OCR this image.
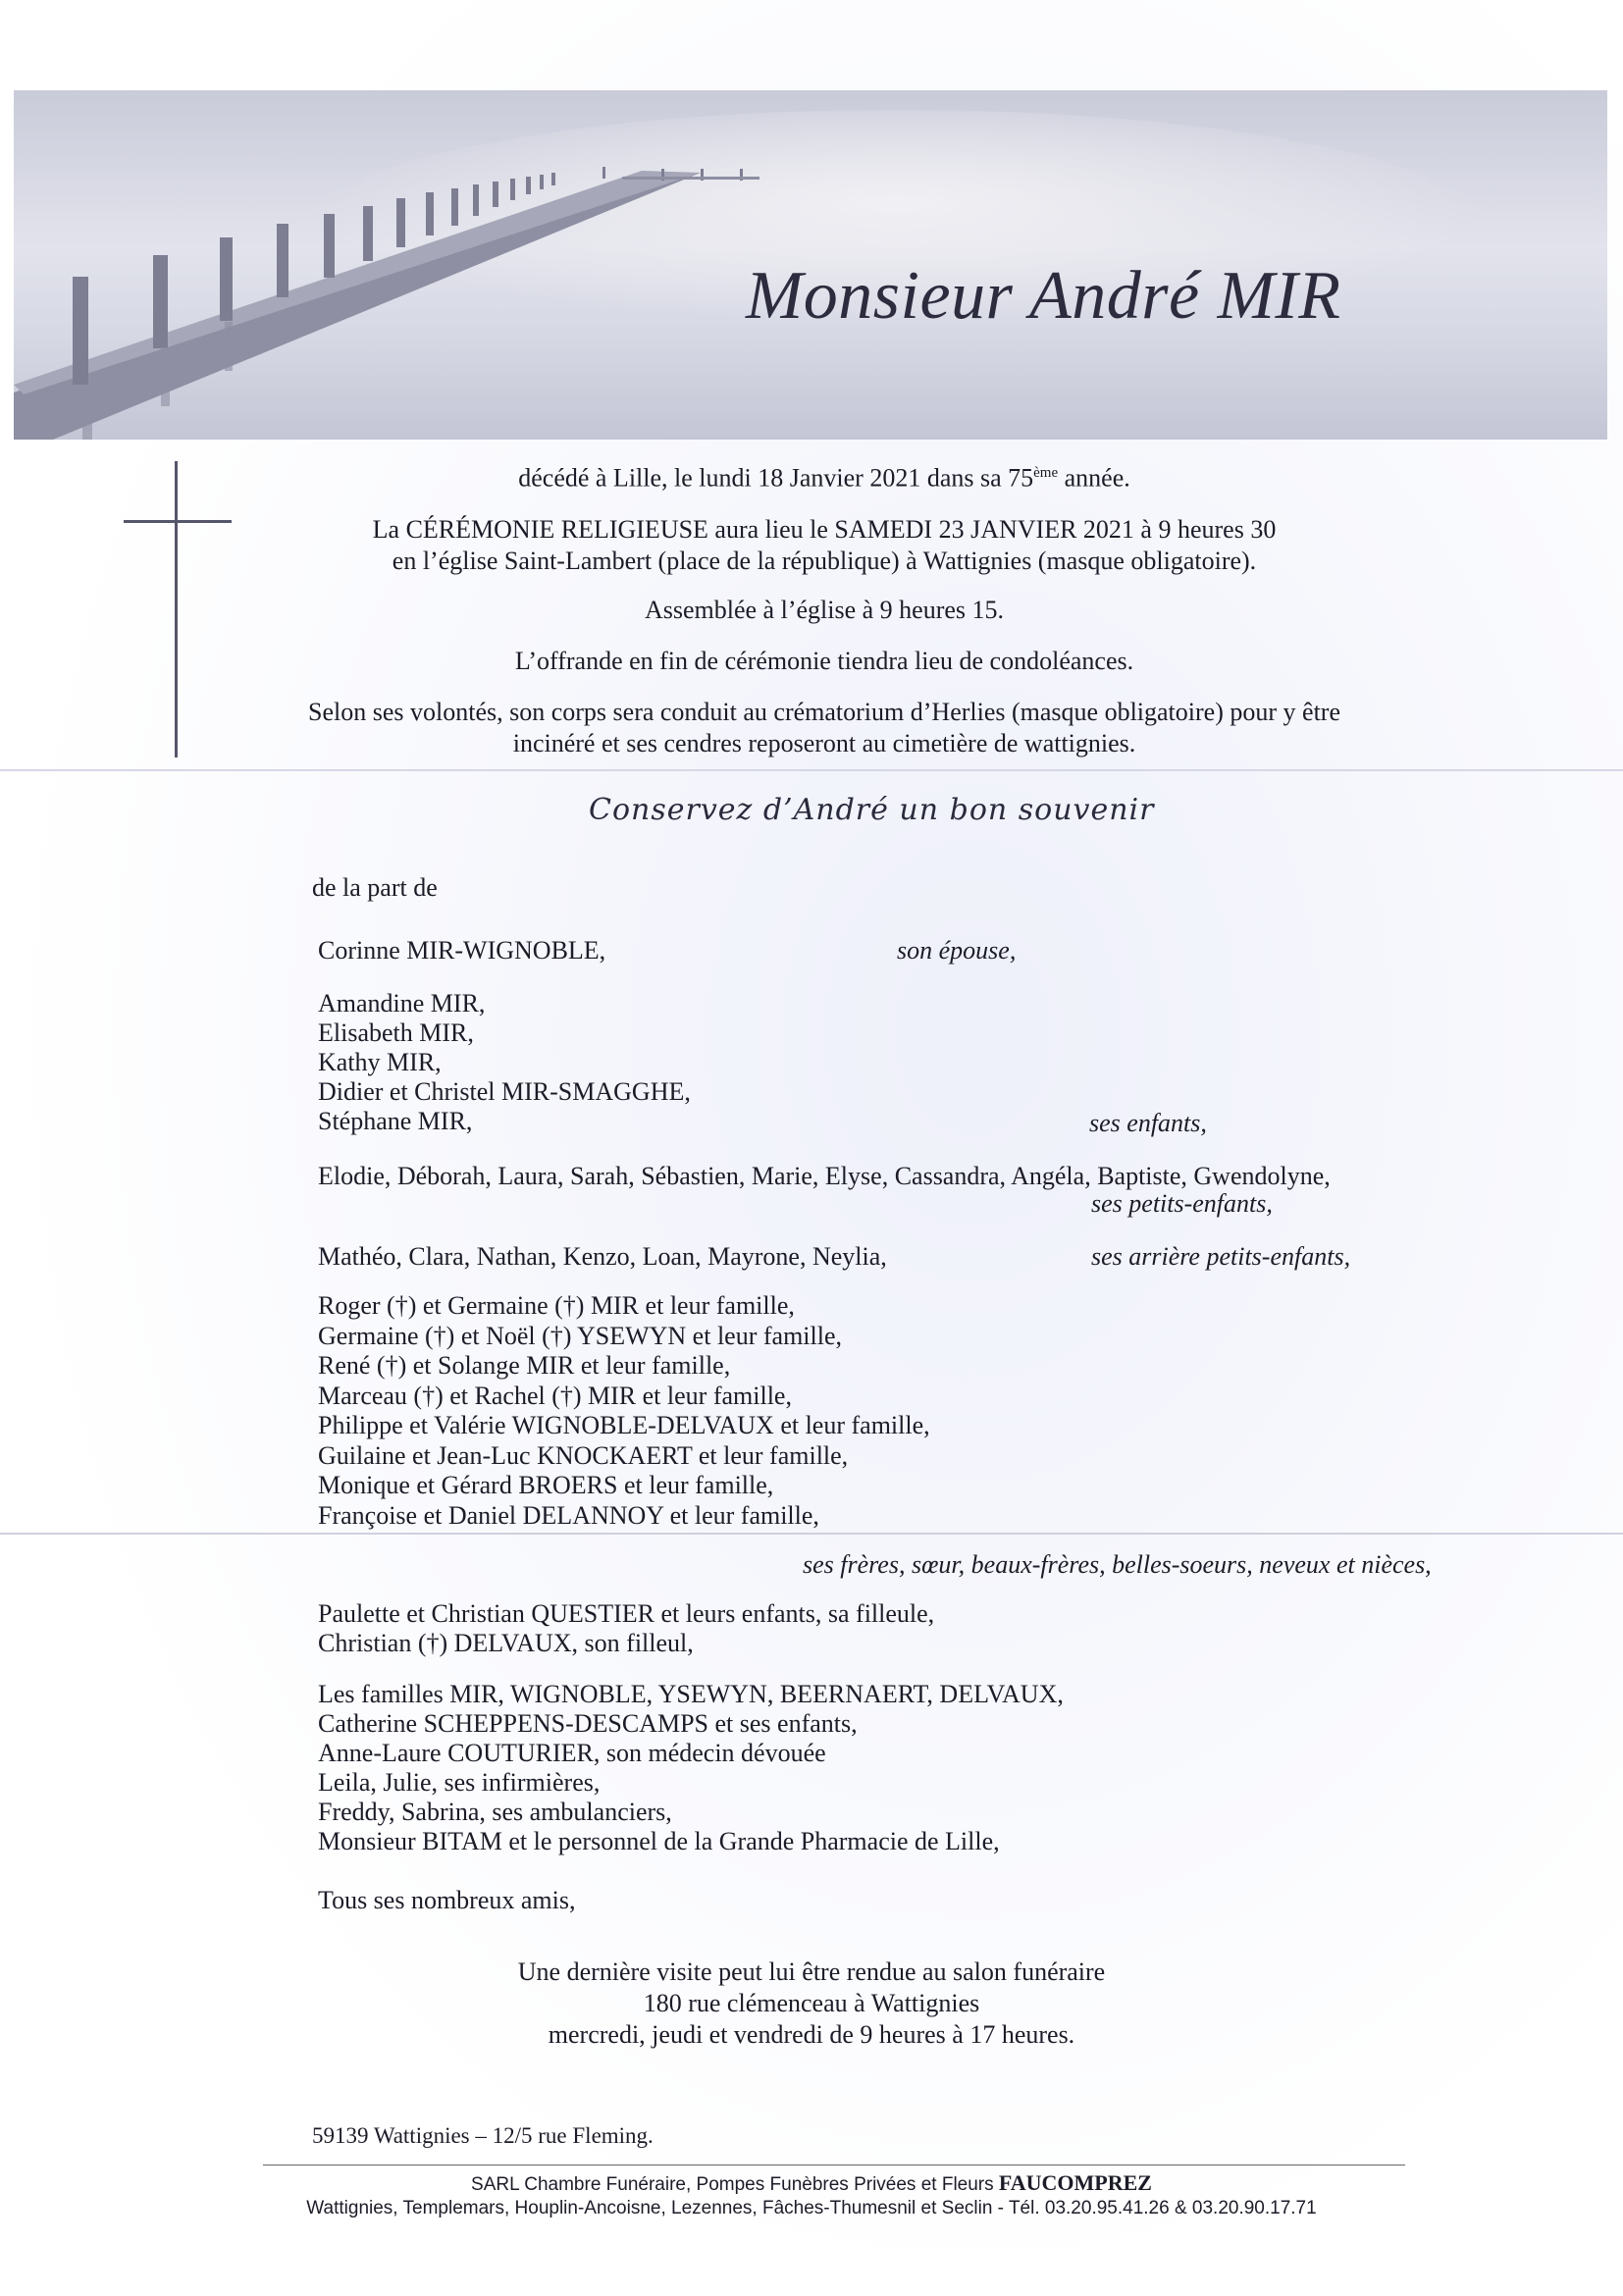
Monsieur André MIR

décédé à Lille, le lundi 18 Janvier 2021 dans sa 75ème année.

La CÉRÉMONIE RELIGIEUSE aura lieu le SAMEDI 23 JANVIER 2021 à 9 heures 30
en l’église Saint-Lambert (place de la république) à Wattignies (masque obligatoire).

Assemblée à l’église à 9 heures 15.

L’offrande en fin de cérémonie tiendra lieu de condoléances.

Selon ses volontés, son corps sera conduit au crématorium d’Herlies (masque obligatoire) pour y être
incinéré et ses cendres reposeront au cimetière de wattignies.

Conservez d’André un bon souvenir
de la part de
Corinne MIR-WIGNOBLE,	son épouse,
Amandine MIR,
Elisabeth MIR,
Kathy MIR,
Didier et Christel MIR-SMAGGHE,
Stéphane MIR,	ses enfants,
Elodie, Déborah, Laura, Sarah, Sébastien, Marie, Elyse, Cassandra, Angéla, Baptiste, Gwendolyne,
ses petits-enfants,
Mathéo, Clara, Nathan, Kenzo, Loan, Mayrone, Neylia,	ses arrière petits-enfants,
Roger (†) et Germaine (†) MIR et leur famille,
Germaine (†) et Noël (†) YSEWYN et leur famille,
René (†) et Solange MIR et leur famille,
Marceau (†) et Rachel (†) MIR et leur famille,
Philippe et Valérie WIGNOBLE-DELVAUX et leur famille,
Guilaine et Jean-Luc KNOCKAERT et leur famille,
Monique et Gérard BROERS et leur famille,
Françoise et Daniel DELANNOY et leur famille,
ses frères, sœur, beaux-frères, belles-soeurs, neveux et nièces,
Paulette et Christian QUESTIER et leurs enfants, sa filleule,
Christian (†) DELVAUX, son filleul,
Les familles MIR, WIGNOBLE, YSEWYN, BEERNAERT, DELVAUX,
Catherine SCHEPPENS-DESCAMPS et ses enfants,
Anne-Laure COUTURIER, son médecin dévouée
Leila, Julie, ses infirmières,
Freddy, Sabrina, ses ambulanciers,
Monsieur BITAM et le personnel de la Grande Pharmacie de Lille,
Tous ses nombreux amis,
Une dernière visite peut lui être rendue au salon funéraire
180 rue clémenceau à Wattignies
mercredi, jeudi et vendredi de 9 heures à 17 heures.
59139 Wattignies – 12/5 rue Fleming.
SARL Chambre Funéraire, Pompes Funèbres Privées et Fleurs FAUCOMPREZ
Wattignies, Templemars, Houplin-Ancoisne, Lezennes, Fâches-Thumesnil et Seclin - Tél. 03.20.95.41.26 & 03.20.90.17.71
